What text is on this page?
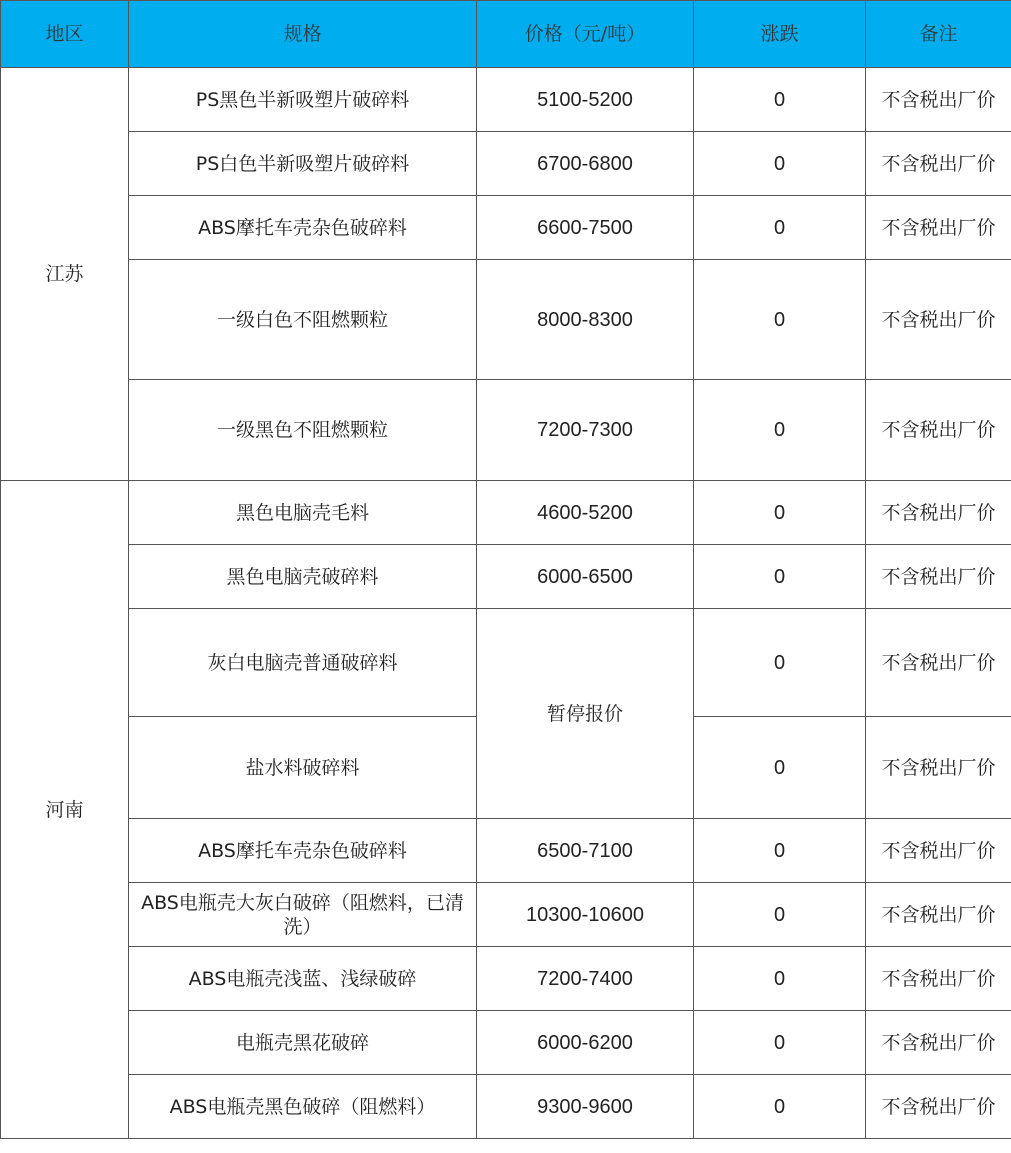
地区	规格	价格（元/吨）	涨跌	备注
江苏	PS黑色半新吸塑片破碎料	5100-5200	0	不含税出厂价
	PS白色半新吸塑片破碎料	6700-6800	0	不含税出厂价
	ABS摩托车壳杂色破碎料	6600-7500	0	不含税出厂价
	一级白色不阻燃颗粒	8000-8300	0	不含税出厂价
	一级黑色不阻燃颗粒	7200-7300	0	不含税出厂价
河南	黑色电脑壳毛料	4600-5200	0	不含税出厂价
	黑色电脑壳破碎料	6000-6500	0	不含税出厂价
	灰白电脑壳普通破碎料	暂停报价	0	不含税出厂价
	盐水料破碎料		0	不含税出厂价
	ABS摩托车壳杂色破碎料	6500-7100	0	不含税出厂价
	ABS电瓶壳大灰白破碎（阻燃料，已清洗）	10300-10600	0	不含税出厂价
	ABS电瓶壳浅蓝、浅绿破碎	7200-7400	0	不含税出厂价
	电瓶壳黑花破碎	6000-6200	0	不含税出厂价
	ABS电瓶壳黑色破碎（阻燃料）	9300-9600	0	不含税出厂价
